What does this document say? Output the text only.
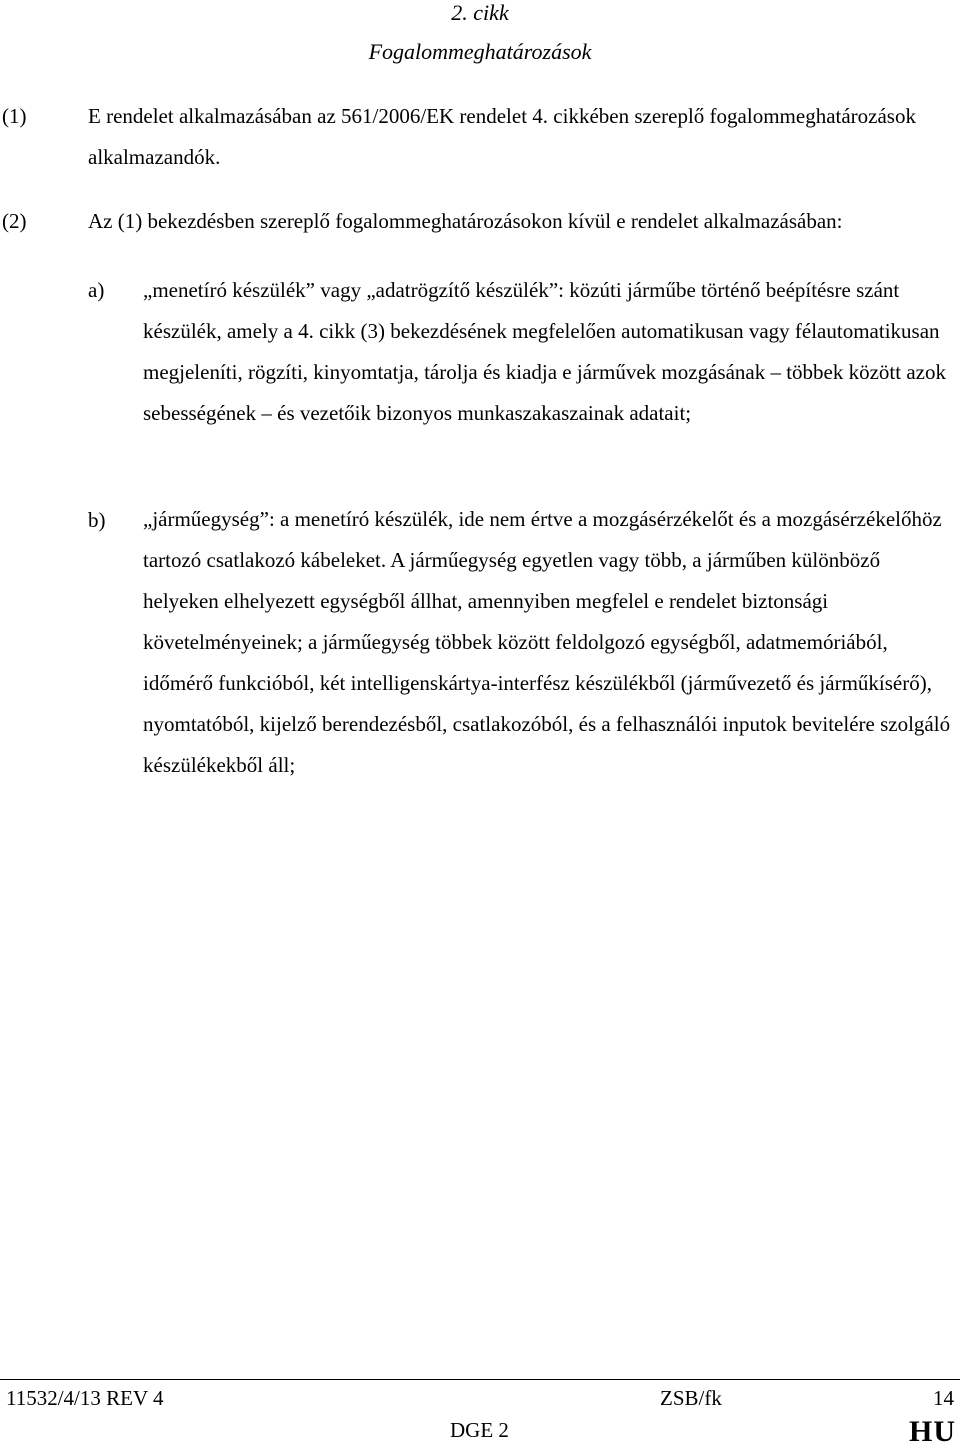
2. cikk
Fogalommeghatározások
(1)	E rendelet alkalmazásában az 561/2006/EK rendelet 4. cikkében szereplő fogalommeghatározások alkalmazandók.
(2)	Az (1) bekezdésben szereplő fogalommeghatározásokon kívül e rendelet alkalmazásában:
a) „menetíró készülék” vagy „adatrögzítő készülék”: közúti járműbe történő beépítésre szánt készülék, amely a 4. cikk (3) bekezdésének megfelelően automatikusan vagy félautomatikusan megjeleníti, rögzíti, kinyomtatja, tárolja és kiadja e járművek mozgásának – többek között azok sebességének – és vezetőik bizonyos munkaszakaszainak adatait;
b) „járműegység”: a menetíró készülék, ide nem értve a mozgásérzékelőt és a mozgásérzékelőhöz tartozó csatlakozó kábeleket. A járműegység egyetlen vagy több, a járműben különböző helyeken elhelyezett egységből állhat, amennyiben megfelel e rendelet biztonsági követelményeinek; a járműegység többek között feldolgozó egységből, adatmemóriából, időmérő funkcióból, két intelligenskártya-interfész készülékből (járművezető és járműkísérő), nyomtatóból, kijelző berendezésből, csatlakozóból, és a felhasználói inputok bevitelére szolgáló készülékekből áll;
11532/4/13 REV 4	ZSB/fk	14
DGE 2	HU
